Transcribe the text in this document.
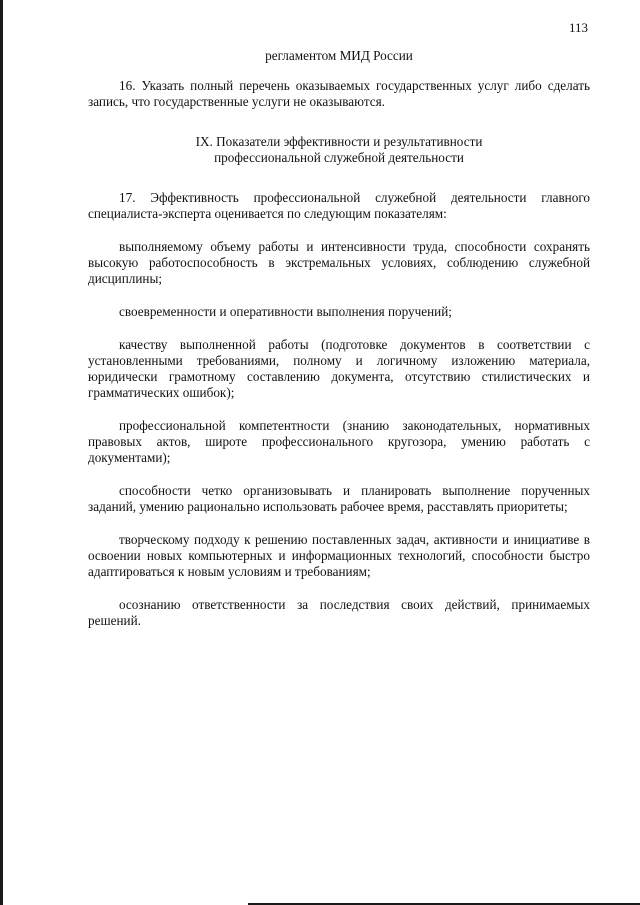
113

регламентом МИД России

16. Указать полный перечень оказываемых государственных услуг либо сделать запись, что государственные услуги не оказываются.

IX. Показатели эффективности и результативности

профессиональной служебной деятельности

17. Эффективность профессиональной служебной деятельности главного специалиста-эксперта оценивается по следующим показателям:

выполняемому объему работы и интенсивности труда, способности сохранять высокую работоспособность в экстремальных условиях, соблюдению служебной дисциплины;

своевременности и оперативности выполнения поручений;

качеству выполненной работы (подготовке документов в соответствии с установленными требованиями, полному и логичному изложению материала, юридически грамотному составлению документа, отсутствию стилистических и грамматических ошибок);

профессиональной компетентности (знанию законодательных, нормативных правовых актов, широте профессионального кругозора, умению работать с документами);

способности четко организовывать и планировать выполнение порученных заданий, умению рационально использовать рабочее время, расставлять приоритеты;

творческому подходу к решению поставленных задач, активности и инициативе в освоении новых компьютерных и информационных технологий, способности быстро адаптироваться к новым условиям и требованиям;

осознанию ответственности за последствия своих действий, принимаемых решений.
